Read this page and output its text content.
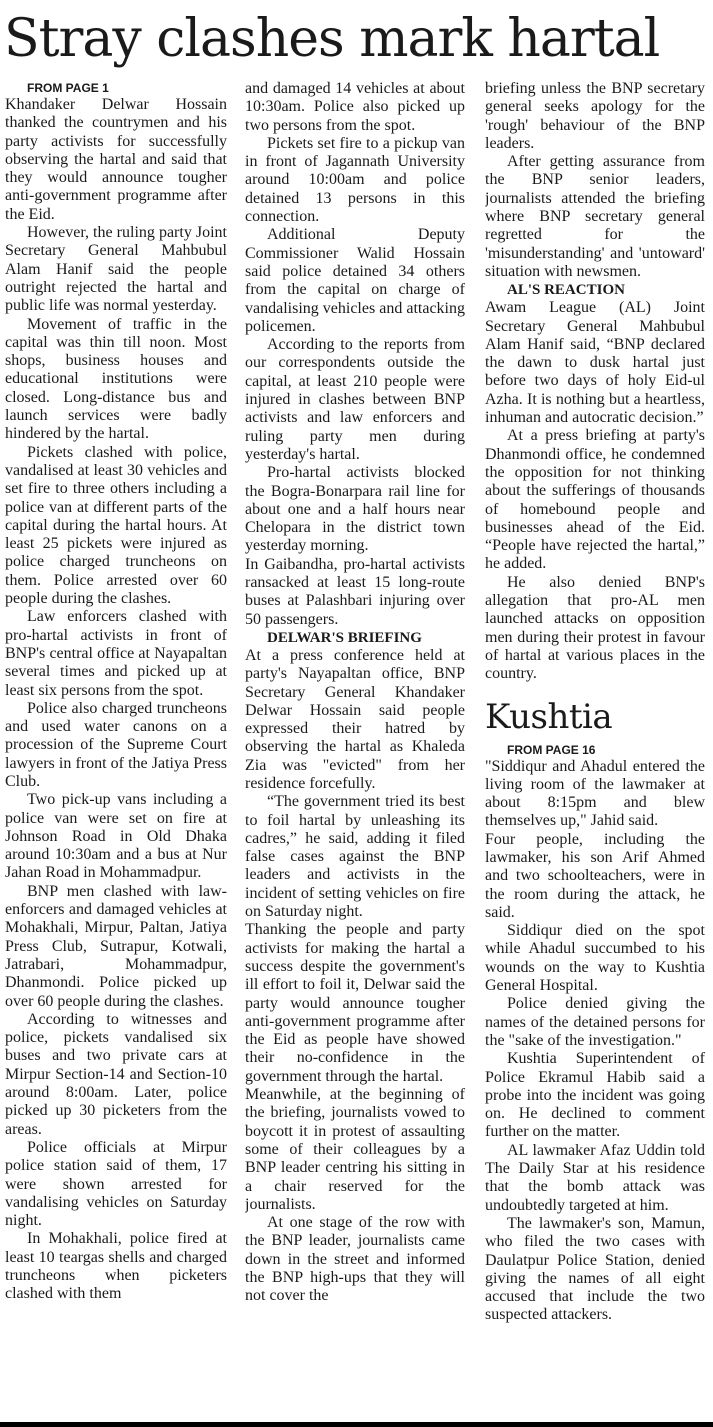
Stray clashes mark hartal

FROM PAGE 1

Khandaker Delwar Hossain thanked the countrymen and his party activists for successfully observing the hartal and said that they would announce tougher anti-government programme after the Eid.

However, the ruling party Joint Secretary General Mahbubul Alam Hanif said the people outright rejected the hartal and public life was normal yesterday.

Movement of traffic in the capital was thin till noon. Most shops, business houses and educational institutions were closed. Long-distance bus and launch services were badly hindered by the hartal.

Pickets clashed with police, vandalised at least 30 vehicles and set fire to three others including a police van at different parts of the capital during the hartal hours. At least 25 pickets were injured as police charged truncheons on them. Police arrested over 60 people during the clashes.

Law enforcers clashed with pro-hartal activists in front of BNP's central office at Nayapaltan several times and picked up at least six persons from the spot.

Police also charged truncheons and used water canons on a procession of the Supreme Court lawyers in front of the Jatiya Press Club.

Two pick-up vans including a police van were set on fire at Johnson Road in Old Dhaka around 10:30am and a bus at Nur Jahan Road in Mohammadpur.

BNP men clashed with law-enforcers and damaged vehicles at Mohakhali, Mirpur, Paltan, Jatiya Press Club, Sutrapur, Kotwali, Jatrabari, Mohammadpur, Dhanmondi. Police picked up over 60 people during the clashes.

According to witnesses and police, pickets vandalised six buses and two private cars at Mirpur Section-14 and Section-10 around 8:00am. Later, police picked up 30 picketers from the areas.

Police officials at Mirpur police station said of them, 17 were shown arrested for vandalising vehicles on Saturday night.

In Mohakhali, police fired at least 10 teargas shells and charged truncheons when picketers clashed with them

and damaged 14 vehicles at about 10:30am. Police also picked up two persons from the spot.

Pickets set fire to a pickup van in front of Jagannath University around 10:00am and police detained 13 persons in this connection.

Additional Deputy Commissioner Walid Hossain said police detained 34 others from the capital on charge of vandalising vehicles and attacking policemen.

According to the reports from our correspondents outside the capital, at least 210 people were injured in clashes between BNP activists and law enforcers and ruling party men during yesterday's hartal.

Pro-hartal activists blocked the Bogra-Bonarpara rail line for about one and a half hours near Chelopara in the district town yesterday morning.

In Gaibandha, pro-hartal activists ransacked at least 15 long-route buses at Palashbari injuring over 50 passengers.

DELWAR'S BRIEFING

At a press conference held at party's Nayapaltan office, BNP Secretary General Khandaker Delwar Hossain said people expressed their hatred by observing the hartal as Khaleda Zia was "evicted" from her residence forcefully.

“The government tried its best to foil hartal by unleashing its cadres,” he said, adding it filed false cases against the BNP leaders and activists in the incident of setting vehicles on fire on Saturday night.

Thanking the people and party activists for making the hartal a success despite the government's ill effort to foil it, Delwar said the party would announce tougher anti-government programme after the Eid as people have showed their no-confidence in the government through the hartal.

Meanwhile, at the beginning of the briefing, journalists vowed to boycott it in protest of assaulting some of their colleagues by a BNP leader centring his sitting in a chair reserved for the journalists.

At one stage of the row with the BNP leader, journalists came down in the street and informed the BNP high-ups that they will not cover the

briefing unless the BNP secretary general seeks apology for the 'rough' behaviour of the BNP leaders.

After getting assurance from the BNP senior leaders, journalists attended the briefing where BNP secretary general regretted for the 'misunderstanding' and 'untoward' situation with newsmen.

AL'S REACTION

Awam League (AL) Joint Secretary General Mahbubul Alam Hanif said, “BNP declared the dawn to dusk hartal just before two days of holy Eid-ul Azha. It is nothing but a heartless, inhuman and autocratic decision.”

At a press briefing at party's Dhanmondi office, he condemned the opposition for not thinking about the sufferings of thousands of homebound people and businesses ahead of the Eid. “People have rejected the hartal,” he added.

He also denied BNP's allegation that pro-AL men launched attacks on opposition men during their protest in favour of hartal at various places in the country.

Kushtia

FROM PAGE 16

"Siddiqur and Ahadul entered the living room of the lawmaker at about 8:15pm and blew themselves up," Jahid said.

Four people, including the lawmaker, his son Arif Ahmed and two schoolteachers, were in the room during the attack, he said.

Siddiqur died on the spot while Ahadul succumbed to his wounds on the way to Kushtia General Hospital.

Police denied giving the names of the detained persons for the "sake of the investigation."

Kushtia Superintendent of Police Ekramul Habib said a probe into the incident was going on. He declined to comment further on the matter.

AL lawmaker Afaz Uddin told The Daily Star at his residence that the bomb attack was undoubtedly targeted at him.

The lawmaker's son, Mamun, who filed the two cases with Daulatpur Police Station, denied giving the names of all eight accused that include the two suspected attackers.
